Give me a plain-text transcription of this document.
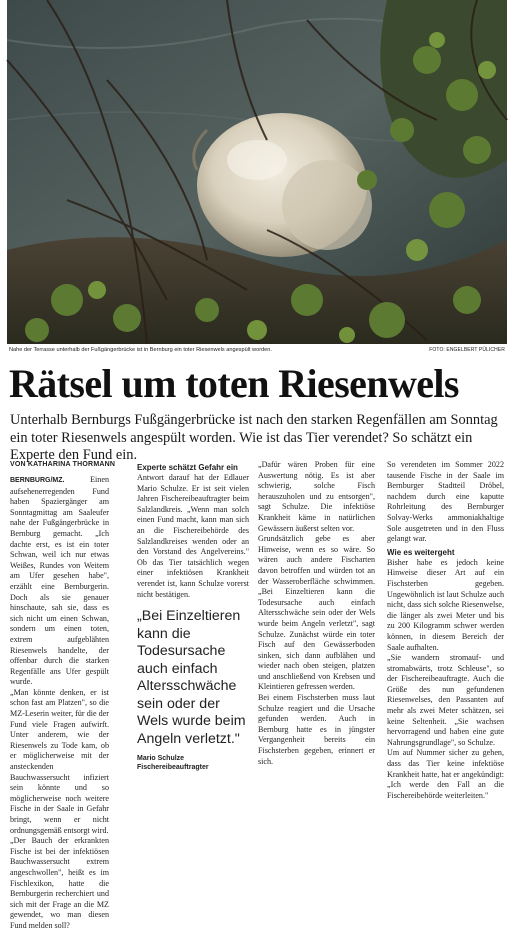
Nahe der Terrasse unterhalb der Fußgängerbrücke ist in Bernburg ein toter Riesenwels angespült worden.	FOTO: ENGELBERT PÜLICHER
Rätsel um toten Riesenwels

Unterhalb Bernburgs Fußgängerbrücke ist nach den starken Regenfällen am Sonntag ein toter Riesenwels angespült worden. Wie ist das Tier verendet? So schätzt ein Experte den Fund ein.

VON KATHARINA THORMANN

BERNBURG/MZ.	Einen aufsehenerregenden Fund haben Spaziergänger am Sonntagmittag am Saaleufer nahe der Fußgängerbrücke in Bernburg gemacht. „Ich dachte erst, es ist ein toter Schwan, weil ich nur etwas Weißes, Rundes von Weitem am Ufer gesehen habe", erzählt eine Bernburgerin. Doch als sie genauer hinschaute, sah sie, dass es sich nicht um einen Schwan, sondern um einen toten, extrem aufgeblähten Riesenwels handelte, der offenbar durch die starken Regenfälle ans Ufer gespült wurde.

„Man könnte denken, er ist schon fast am Platzen", so die MZ-Leserin weiter, für die der Fund viele Fragen aufwirft. Unter anderem, wie der Riesenwels zu Tode kam, ob er möglicherweise mit der ansteckenden Bauchwassersucht infiziert sein könnte und so möglicherweise noch weitere Fische in der Saale in Gefahr bringt, wenn er nicht ordnungsgemäß entsorgt wird.

„Der Bauch der erkrankten Fische ist bei der infektiösen Bauchwassersucht extrem angeschwollen", heißt es im Fischlexikon, hatte die Bernburgerin recherchiert und sich mit der Frage an die MZ gewendet, wo man diesen Fund melden soll?

Experte schätzt Gefahr ein

Antwort darauf hat der Edlauer Mario Schulze. Er ist seit vielen Jahren Fischereibeauftragter beim Salzlandkreis. „Wenn man solch einen Fund macht, kann man sich an die Fischereibehörde des Salzlandkreises wenden oder an den Vorstand des Angelvereins." Ob das Tier tatsächlich wegen einer infektiösen Krankheit verendet ist, kann Schulze vorerst nicht bestätigen.

„Bei Einzeltieren kann die Todesursache auch einfach Altersschwäche sein oder der Wels wurde beim Angeln verletzt."
Mario Schulze
Fischereibeauftragter

„Dafür wären Proben für eine Auswertung nötig. Es ist aber schwierig, solche Fisch herauszuholen und zu entsorgen", sagt Schulze. Die infektiöse Krankheit käme in natürlichen Gewässern äußerst selten vor.

Grundsätzlich gebe es aber Hinweise, wenn es so wäre. So wären auch andere Fischarten davon betroffen und würden tot an der Wasseroberfläche schwimmen. „Bei Einzeltieren kann die Todesursache auch einfach Altersschwäche sein oder der Wels wurde beim Angeln verletzt", sagt Schulze. Zunächst würde ein toter Fisch auf den Gewässerboden sinken, sich dann aufblähen und wieder nach oben steigen, platzen und anschließend von Krebsen und Kleintieren gefressen werden.

Bei einem Fischsterben muss laut Schulze reagiert und die Ursache gefunden werden. Auch in Bernburg hatte es in jüngster Vergangenheit bereits ein Fischsterben gegeben, erinnert er sich.

So verendeten im Sommer 2022 tausende Fische in der Saale im Bernburger Stadtteil Dröbel, nachdem durch eine kaputte Rohrleitung des Bernburger Solvay-Werks ammoniakhaltige Sole ausgetreten und in den Fluss gelangt war.

Wie es weitergeht

Bisher habe es jedoch keine Hinweise dieser Art auf ein Fischsterben gegeben. Ungewöhnlich ist laut Schulze auch nicht, dass sich solche Riesenwelse, die länger als zwei Meter und bis zu 200 Kilogramm schwer werden können, in diesem Bereich der Saale aufhalten.

„Sie wandern stromauf- und stromabwärts, trotz Schleuse", so der Fischereibeauftragte. Auch die Größe des nun gefundenen Riesenwelses, den Passanten auf mehr als zwei Meter schätzen, sei keine Seltenheit. „Sie wachsen hervorragend und haben eine gute Nahrungsgrundlage", so Schulze.

Um auf Nummer sicher zu gehen, dass das Tier keine infektiöse Krankheit hatte, hat er angekündigt: „Ich werde den Fall an die Fischereibehörde weiterleiten."
